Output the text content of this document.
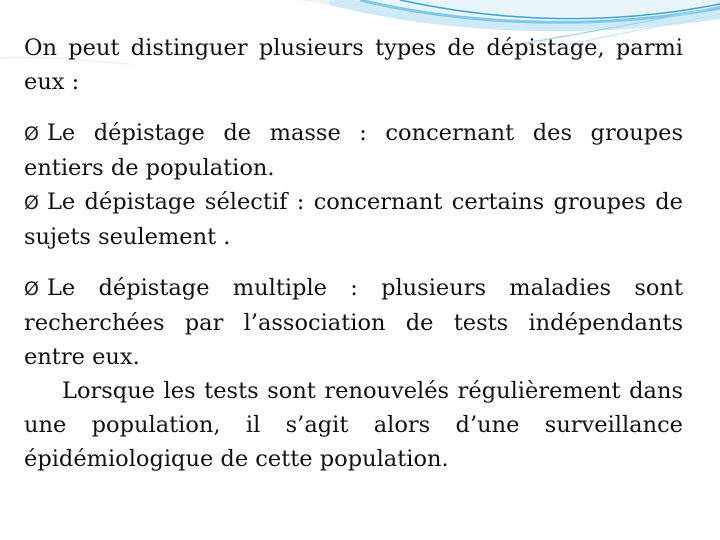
On peut distinguer plusieurs types de dépistage, parmi eux :

Ø Le dépistage de masse : concernant des groupes entiers de population.

Ø Le dépistage sélectif : concernant certains groupes de sujets seulement .

Ø Le dépistage multiple : plusieurs maladies sont recherchées par l’association de tests indépendants entre eux.

Lorsque les tests sont renouvelés régulièrement dans une population, il s’agit alors d’une surveillance épidémiologique de cette population.
